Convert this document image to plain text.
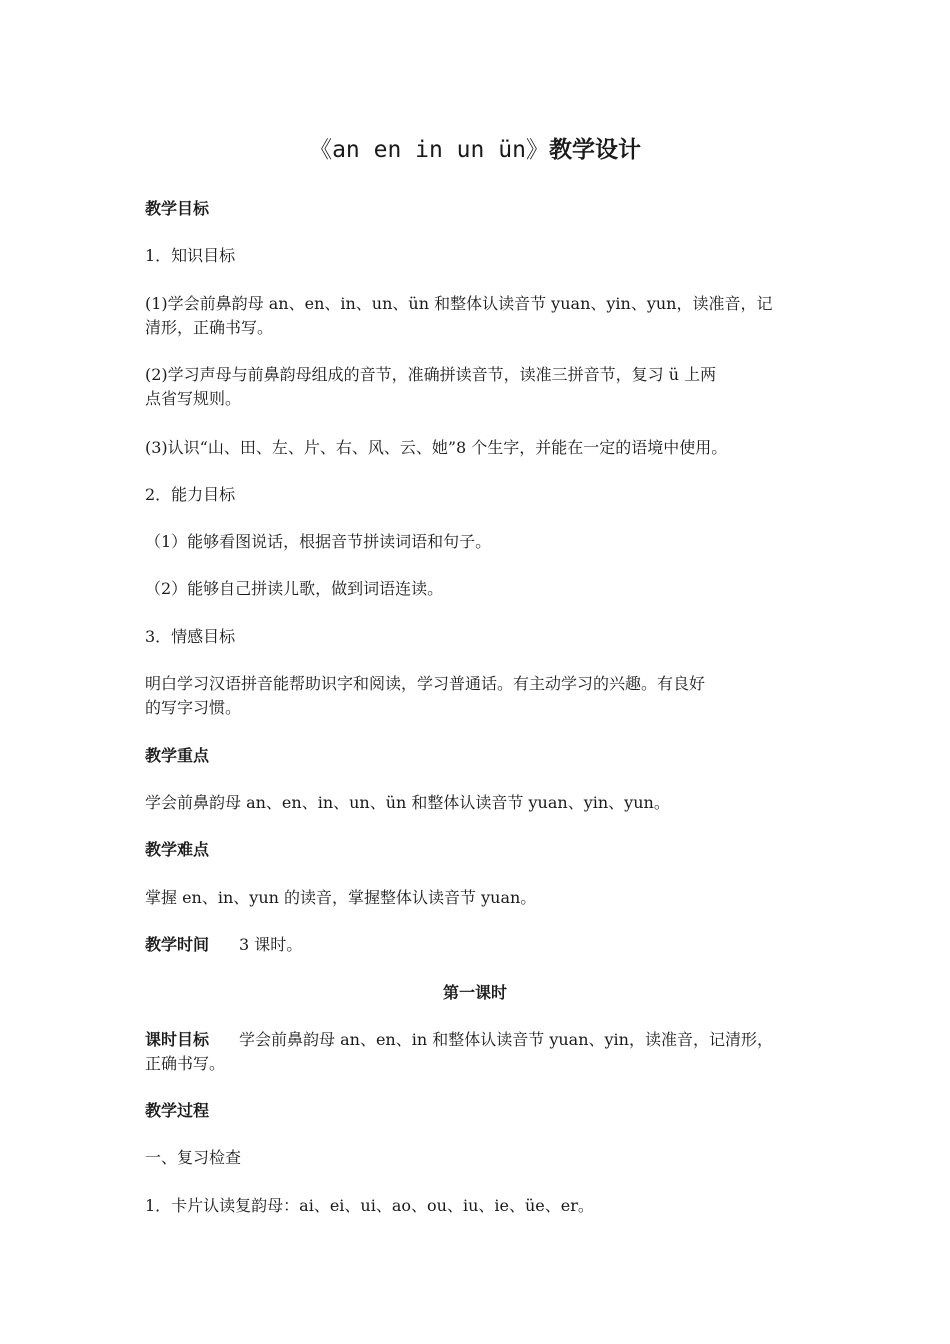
《an en in un ün》教学设计

教学目标

1．知识目标

(1)学会前鼻韵母 an、en、in、un、ün 和整体认读音节 yuan、yin、yun，读准音，记
清形，正确书写。

(2)学习声母与前鼻韵母组成的音节，准确拼读音节，读准三拼音节，复习 ü 上两
点省写规则。

(3)认识“山、田、左、片、右、风、云、她”8 个生字，并能在一定的语境中使用。

2．能力目标

（1）能够看图说话，根据音节拼读词语和句子。

（2）能够自己拼读儿歌，做到词语连读。

3．情感目标

明白学习汉语拼音能帮助识字和阅读，学习普通话。有主动学习的兴趣。有良好
的写字习惯。

教学重点

学会前鼻韵母 an、en、in、un、ün 和整体认读音节 yuan、yin、yun。

教学难点

掌握 en、in、yun 的读音，掌握整体认读音节 yuan。

教学时间 3 课时。

第一课时

课时目标 学会前鼻韵母 an、en、in 和整体认读音节 yuan、yin，读准音，记清形，
正确书写。

教学过程

一、复习检查

1．卡片认读复韵母：ai、ei、ui、ao、ou、iu、ie、üe、er。
